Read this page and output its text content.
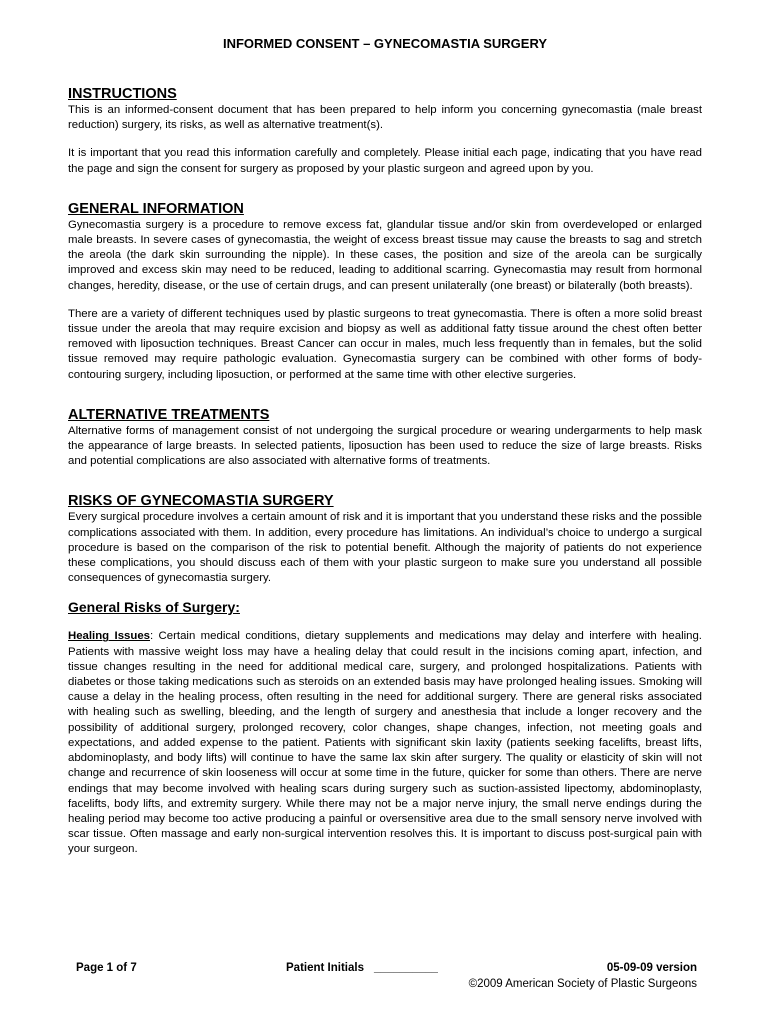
INFORMED CONSENT – GYNECOMASTIA SURGERY
INSTRUCTIONS

This is an informed-consent document that has been prepared to help inform you concerning gynecomastia (male breast reduction) surgery, its risks, as well as alternative treatment(s).

It is important that you read this information carefully and completely. Please initial each page, indicating that you have read the page and sign the consent for surgery as proposed by your plastic surgeon and agreed upon by you.

GENERAL INFORMATION

Gynecomastia surgery is a procedure to remove excess fat, glandular tissue and/or skin from overdeveloped or enlarged male breasts. In severe cases of gynecomastia, the weight of excess breast tissue may cause the breasts to sag and stretch the areola (the dark skin surrounding the nipple). In these cases, the position and size of the areola can be surgically improved and excess skin may need to be reduced, leading to additional scarring. Gynecomastia may result from hormonal changes, heredity, disease, or the use of certain drugs, and can present unilaterally (one breast) or bilaterally (both breasts).

There are a variety of different techniques used by plastic surgeons to treat gynecomastia. There is often a more solid breast tissue under the areola that may require excision and biopsy as well as additional fatty tissue around the chest often better removed with liposuction techniques. Breast Cancer can occur in males, much less frequently than in females, but the solid tissue removed may require pathologic evaluation. Gynecomastia surgery can be combined with other forms of body-contouring surgery, including liposuction, or performed at the same time with other elective surgeries.

ALTERNATIVE TREATMENTS

Alternative forms of management consist of not undergoing the surgical procedure or wearing undergarments to help mask the appearance of large breasts. In selected patients, liposuction has been used to reduce the size of large breasts. Risks and potential complications are also associated with alternative forms of treatments.

RISKS OF GYNECOMASTIA SURGERY

Every surgical procedure involves a certain amount of risk and it is important that you understand these risks and the possible complications associated with them. In addition, every procedure has limitations. An individual’s choice to undergo a surgical procedure is based on the comparison of the risk to potential benefit. Although the majority of patients do not experience these complications, you should discuss each of them with your plastic surgeon to make sure you understand all possible consequences of gynecomastia surgery.

General Risks of Surgery:

Healing Issues: Certain medical conditions, dietary supplements and medications may delay and interfere with healing. Patients with massive weight loss may have a healing delay that could result in the incisions coming apart, infection, and tissue changes resulting in the need for additional medical care, surgery, and prolonged hospitalizations. Patients with diabetes or those taking medications such as steroids on an extended basis may have prolonged healing issues. Smoking will cause a delay in the healing process, often resulting in the need for additional surgery. There are general risks associated with healing such as swelling, bleeding, and the length of surgery and anesthesia that include a longer recovery and the possibility of additional surgery, prolonged recovery, color changes, shape changes, infection, not meeting goals and expectations, and added expense to the patient. Patients with significant skin laxity (patients seeking facelifts, breast lifts, abdominoplasty, and body lifts) will continue to have the same lax skin after surgery. The quality or elasticity of skin will not change and recurrence of skin looseness will occur at some time in the future, quicker for some than others. There are nerve endings that may become involved with healing scars during surgery such as suction-assisted lipectomy, abdominoplasty, facelifts, body lifts, and extremity surgery. While there may not be a major nerve injury, the small nerve endings during the healing period may become too active producing a painful or oversensitive area due to the small sensory nerve involved with scar tissue. Often massage and early non-surgical intervention resolves this. It is important to discuss post-surgical pain with your surgeon.

Page 1 of 7	Patient Initials __________	05-09-09 version
©2009 American Society of Plastic Surgeons
